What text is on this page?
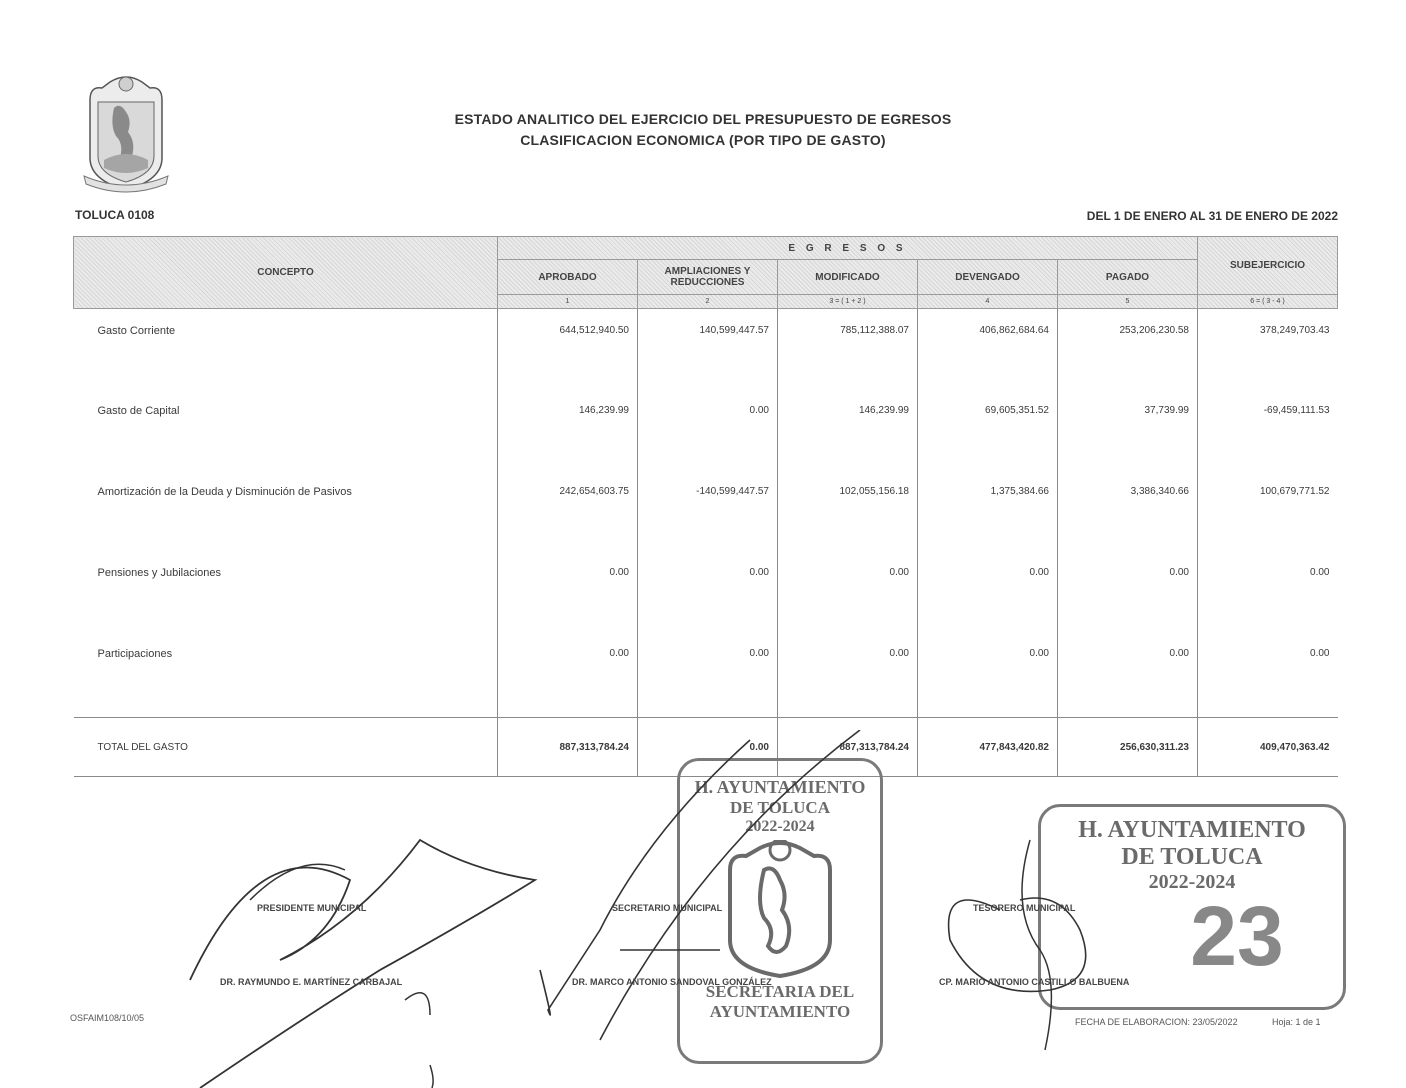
ESTADO ANALITICO DEL EJERCICIO DEL PRESUPUESTO DE EGRESOS
CLASIFICACION ECONOMICA (POR TIPO DE GASTO)
TOLUCA 0108	DEL 1 DE ENERO AL 31 DE ENERO DE 2022
CONCEPTO	E G R E S O S					SUBEJERCICIO
	APROBADO	AMPLIACIONES Y REDUCCIONES	MODIFICADO	DEVENGADO	PAGADO	
	1	2	3 = ( 1 + 2 )	4	5	6 = ( 3 - 4 )
Gasto Corriente	644,512,940.50	140,599,447.57	785,112,388.07	406,862,684.64	253,206,230.58	378,249,703.43
Gasto de Capital	146,239.99	0.00	146,239.99	69,605,351.52	37,739.99	-69,459,111.53
Amortización de la Deuda y Disminución de Pasivos	242,654,603.75	-140,599,447.57	102,055,156.18	1,375,384.66	3,386,340.66	100,679,771.52
Pensiones y Jubilaciones	0.00	0.00	0.00	0.00	0.00	0.00
Participaciones	0.00	0.00	0.00	0.00	0.00	0.00

TOTAL DEL GASTO	887,313,784.24	0.00	887,313,784.24	477,843,420.82	256,630,311.23	409,470,363.42
H. AYUNTAMIENTO
DE TOLUCA
2022-2024
SECRETARIA DEL
AYUNTAMIENTO
H. AYUNTAMIENTO
DE TOLUCA
2022-2024
23
PRESIDENTE MUNICIPAL
DR. RAYMUNDO E. MARTÍNEZ CARBAJAL
SECRETARIO MUNICIPAL
DR. MARCO ANTONIO SANDOVAL GONZÁLEZ
TESORERO MUNICIPAL
CP. MARIO ANTONIO CASTILLO BALBUENA
OSFAIM108/10/05	FECHA DE ELABORACION: 23/05/2022	Hoja: 1 de 1
